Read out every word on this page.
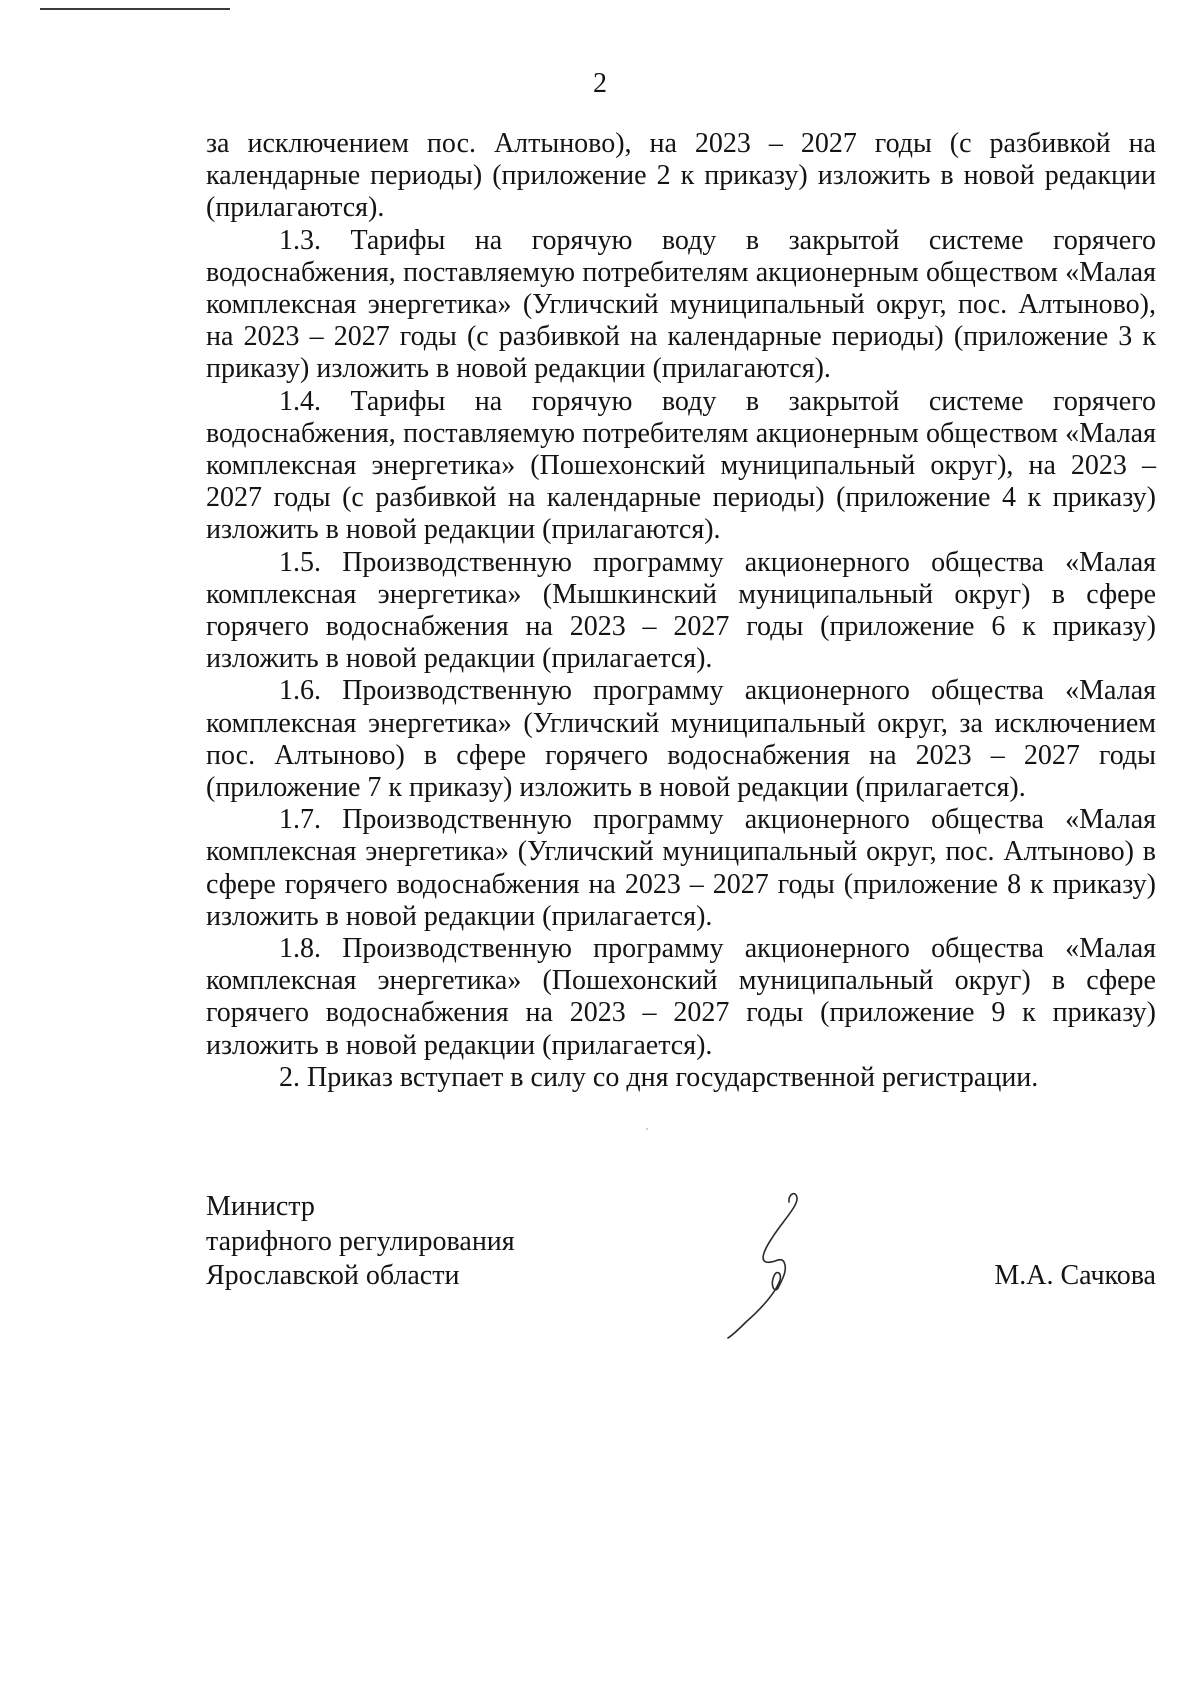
2

за исключением пос. Алтыново), на 2023 – 2027 годы (с разбивкой на календарные периоды) (приложение 2 к приказу) изложить в новой редакции (прилагаются).

1.3. Тарифы на горячую воду в закрытой системе горячего водоснабжения, поставляемую потребителям акционерным обществом «Малая комплексная энергетика» (Угличский муниципальный округ, пос. Алтыново), на 2023 – 2027 годы (с разбивкой на календарные периоды) (приложение 3 к приказу) изложить в новой редакции (прилагаются).

1.4. Тарифы на горячую воду в закрытой системе горячего водоснабжения, поставляемую потребителям акционерным обществом «Малая комплексная энергетика» (Пошехонский муниципальный округ), на 2023 – 2027 годы (с разбивкой на календарные периоды) (приложение 4 к приказу) изложить в новой редакции (прилагаются).

1.5. Производственную программу акционерного общества «Малая комплексная энергетика» (Мышкинский муниципальный округ) в сфере горячего водоснабжения на 2023 – 2027 годы (приложение 6 к приказу) изложить в новой редакции (прилагается).

1.6. Производственную программу акционерного общества «Малая комплексная энергетика» (Угличский муниципальный округ, за исключением пос. Алтыново) в сфере горячего водоснабжения на 2023 – 2027 годы (приложение 7 к приказу) изложить в новой редакции (прилагается).

1.7. Производственную программу акционерного общества «Малая комплексная энергетика» (Угличский муниципальный округ, пос. Алтыново) в сфере горячего водоснабжения на 2023 – 2027 годы (приложение 8 к приказу) изложить в новой редакции (прилагается).

1.8. Производственную программу акционерного общества «Малая комплексная энергетика» (Пошехонский муниципальный округ) в сфере горячего водоснабжения на 2023 – 2027 годы (приложение 9 к приказу) изложить в новой редакции (прилагается).

2. Приказ вступает в силу со дня государственной регистрации.

Министр
тарифного регулирования
Ярославской области	М.А. Сачкова
